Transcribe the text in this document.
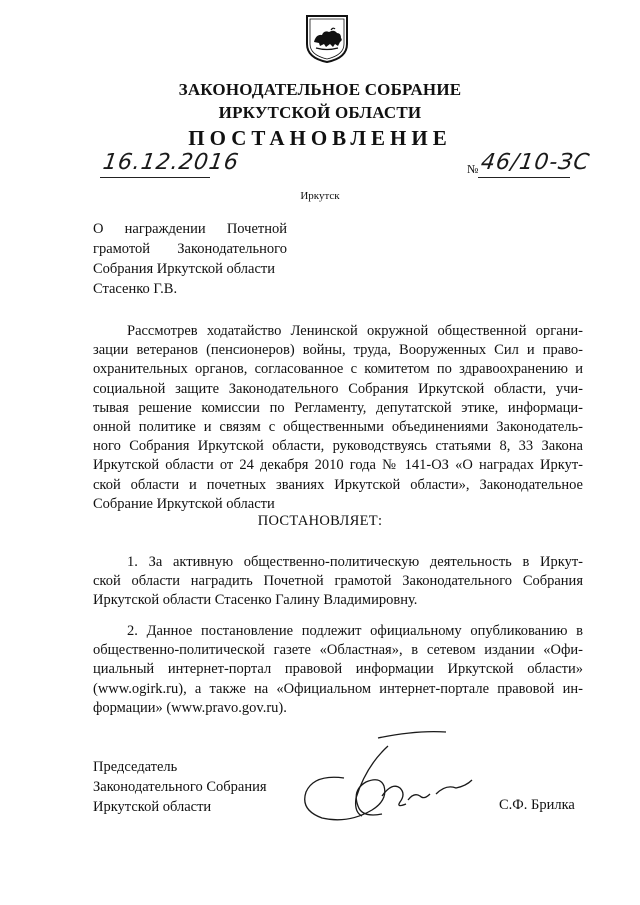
ЗАКОНОДАТЕЛЬНОЕ СОБРАНИЕ
ИРКУТСКОЙ ОБЛАСТИ
ПОСТАНОВЛЕНИЕ
16.12.2016	№ 46/10-ЗС
Иркутск
О награждении Почетной
грамотой Законодательного
Собрания Иркутской области
Стасенко Г.В.
Рассмотрев ходатайство Ленинской окружной общественной органи-
зации ветеранов (пенсионеров) войны, труда, Вооруженных Сил и право-
охранительных органов, согласованное с комитетом по здравоохранению и
социальной защите Законодательного Собрания Иркутской области, учи-
тывая решение комиссии по Регламенту, депутатской этике, информаци-
онной политике и связям с общественными объединениями Законодатель-
ного Собрания Иркутской области, руководствуясь статьями 8, 33 Закона
Иркутской области от 24 декабря 2010 года № 141-ОЗ «О наградах Иркут-
ской области и почетных званиях Иркутской области», Законодательное
Собрание Иркутской области
ПОСТАНОВЛЯЕТ:
1. За активную общественно-политическую деятельность в Иркут-
ской области наградить Почетной грамотой Законодательного Собрания
Иркутской области Стасенко Галину Владимировну.
2. Данное постановление подлежит официальному опубликованию в
общественно-политической газете «Областная», в сетевом издании «Офи-
циальный интернет-портал правовой информации Иркутской области»
(www.ogirk.ru), а также на «Официальном интернет-портале правовой ин-
формации» (www.pravo.gov.ru).
Председатель
Законодательного Собрания
Иркутской области	С.Ф. Брилка
